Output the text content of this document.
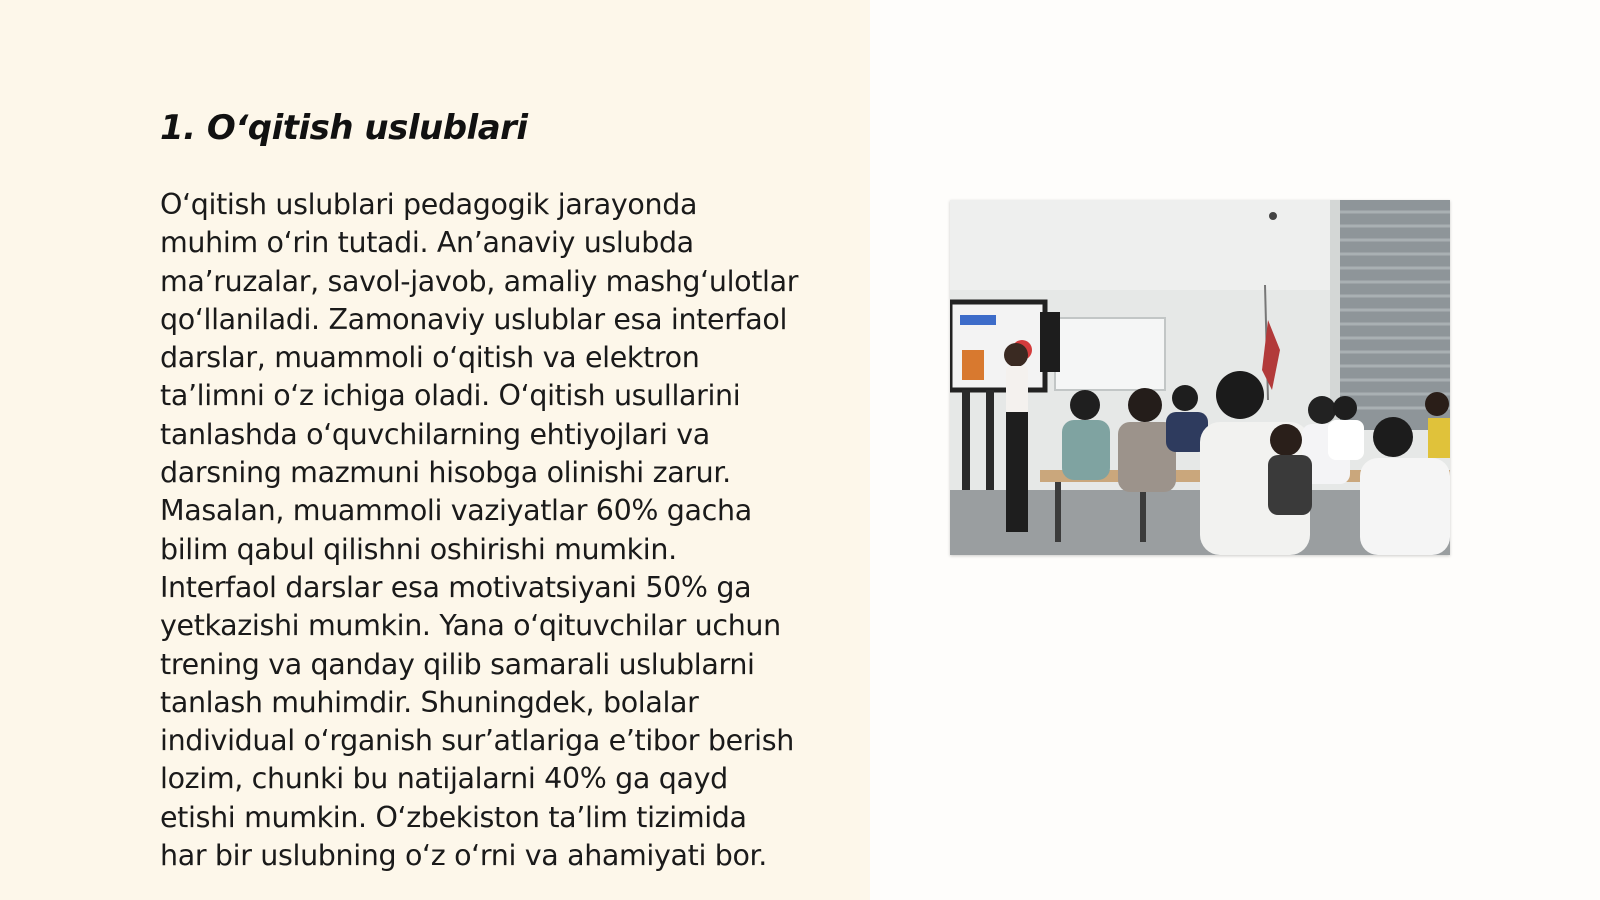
1. O‘qitish uslublari

O‘qitish uslublari pedagogik jarayonda
muhim o‘rin tutadi. An’anaviy uslubda
ma’ruzalar, savol-javob, amaliy mashg‘ulotlar
qo‘llaniladi. Zamonaviy uslublar esa interfaol
darslar, muammoli o‘qitish va elektron
ta’limni o‘z ichiga oladi. O‘qitish usullarini
tanlashda o‘quvchilarning ehtiyojlari va
darsning mazmuni hisobga olinishi zarur.
Masalan, muammoli vaziyatlar 60% gacha
bilim qabul qilishni oshirishi mumkin.
Interfaol darslar esa motivatsiyani 50% ga
yetkazishi mumkin. Yana o‘qituvchilar uchun
trening va qanday qilib samarali uslublarni
tanlash muhimdir. Shuningdek, bolalar
individual o‘rganish sur’atlariga e’tibor berish
lozim, chunki bu natijalarni 40% ga qayd
etishi mumkin. O‘zbekiston ta’lim tizimida
har bir uslubning o‘z o‘rni va ahamiyati bor.
